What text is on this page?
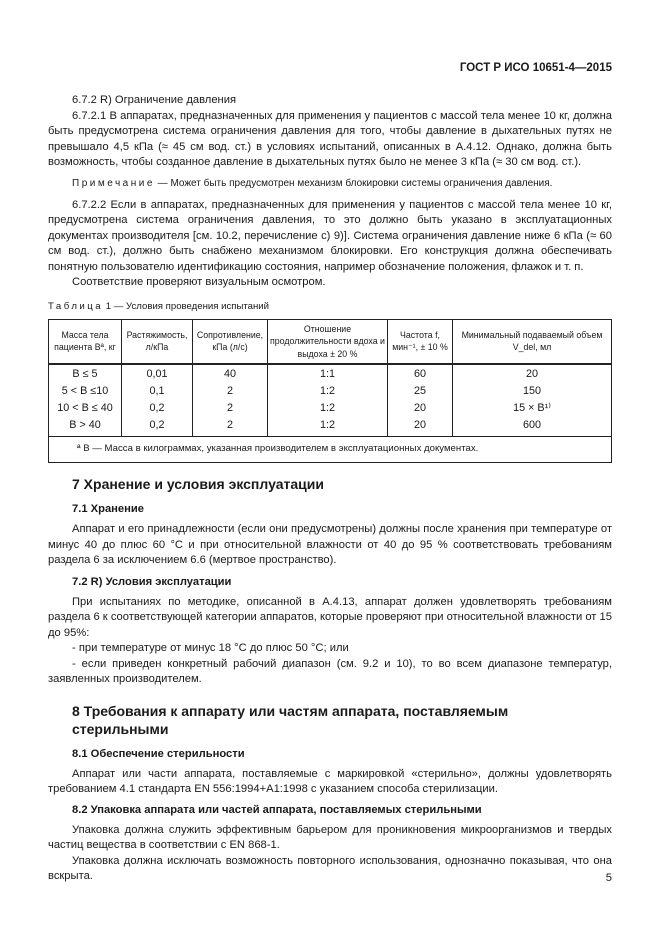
ГОСТ Р ИСО 10651-4—2015
6.7.2 R) Ограничение давления
6.7.2.1 В аппаратах, предназначенных для применения у пациентов с массой тела менее 10 кг, должна быть предусмотрена система ограничения давления для того, чтобы давление в дыхательных путях не превышало 4,5 кПа (≈ 45 см вод. ст.) в условиях испытаний, описанных в А.4.12. Однако, должна быть возможность, чтобы созданное давление в дыхательных путях было не менее 3 кПа (≈ 30 см вод. ст.).
Примечание — Может быть предусмотрен механизм блокировки системы ограничения давления.
6.7.2.2 Если в аппаратах, предназначенных для применения у пациентов с массой тела менее 10 кг, предусмотрена система ограничения давления, то это должно быть указано в эксплуатационных документах производителя [см. 10.2, перечисление с) 9)]. Система ограничения давление ниже 6 кПа (≈ 60 см вод. ст.), должно быть снабжено механизмом блокировки. Его конструкция должна обеспечивать понятную пользователю идентификацию состояния, например обозначение положения, флажок и т. п.
Соответствие проверяют визуальным осмотром.
Таблица 1 — Условия проведения испытаний
Масса тела пациента Bª, кг	Растяжимость, л/кПа	Сопротивление, кПа (л/с)	Отношение продолжительности вдоха и выдоха ± 20 %	Частота f, мин⁻¹, ± 10 %	Минимальный подаваемый объем V_del, мл
B ≤ 5	0,01	40	1:1	60	20
5 < B ≤10	0,1	2	1:2	25	150
10 < B ≤ 40	0,2	2	1:2	20	15 × B¹⁾
B > 40	0,2	2	1:2	20	600
ª B — Масса в килограммах, указанная производителем в эксплуатационных документах.					
7 Хранение и условия эксплуатации
7.1 Хранение
Аппарат и его принадлежности (если они предусмотрены) должны после хранения при температуре от минус 40 до плюс 60 °С и при относительной влажности от 40 до 95 % соответствовать требованиям раздела 6 за исключением 6.6 (мертвое пространство).
7.2 R) Условия эксплуатации
При испытаниях по методике, описанной в А.4.13, аппарат должен удовлетворять требованиям раздела 6 к соответствующей категории аппаратов, которые проверяют при относительной влажности от 15 до 95%:
- при температуре от минус 18 °С до плюс 50 °С; или
- если приведен конкретный рабочий диапазон (см. 9.2 и 10), то во всем диапазоне температур, заявленных производителем.
8 Требования к аппарату или частям аппарата, поставляемым стерильными
8.1 Обеспечение стерильности
Аппарат или части аппарата, поставляемые с маркировкой «стерильно», должны удовлетворять требованием 4.1 стандарта EN 556:1994+A1:1998 с указанием способа стерилизации.
8.2 Упаковка аппарата или частей аппарата, поставляемых стерильными
Упаковка должна служить эффективным барьером для проникновения микроорганизмов и твердых частиц вещества в соответствии с EN 868-1.
Упаковка должна исключать возможность повторного использования, однозначно показывая, что она вскрыта.	5
